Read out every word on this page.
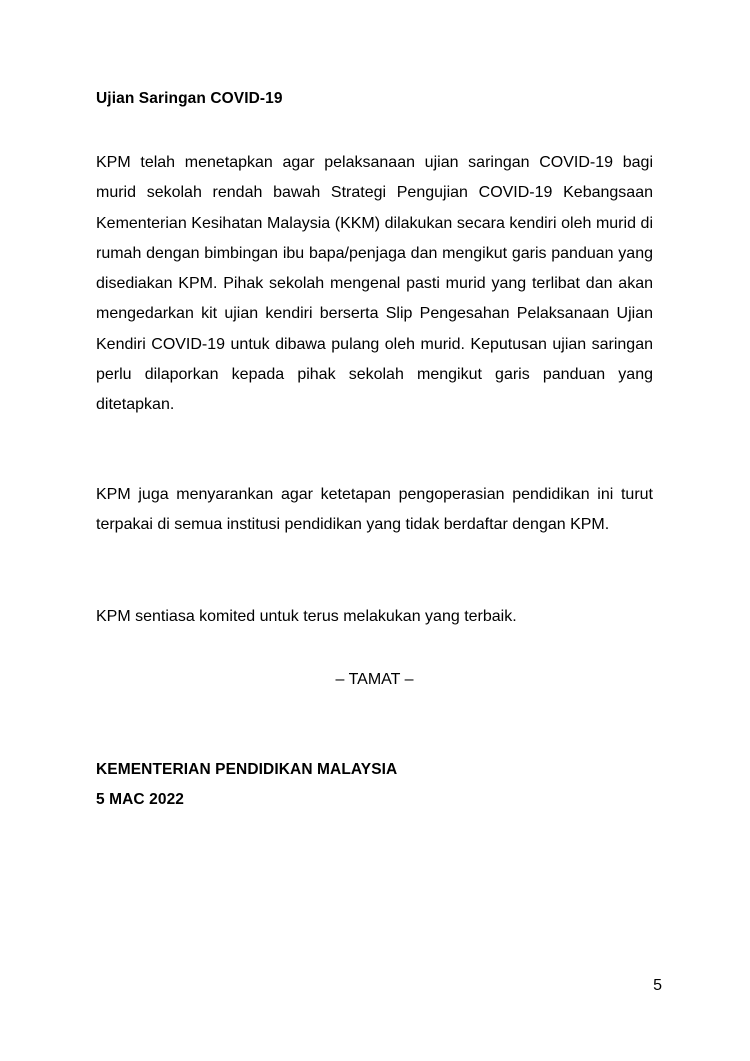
Ujian Saringan COVID-19

KPM telah menetapkan agar pelaksanaan ujian saringan COVID-19 bagi murid sekolah rendah bawah Strategi Pengujian COVID-19 Kebangsaan Kementerian Kesihatan Malaysia (KKM) dilakukan secara kendiri oleh murid di rumah dengan bimbingan ibu bapa/penjaga dan mengikut garis panduan yang disediakan KPM. Pihak sekolah mengenal pasti murid yang terlibat dan akan mengedarkan kit ujian kendiri berserta Slip Pengesahan Pelaksanaan Ujian Kendiri COVID-19 untuk dibawa pulang oleh murid. Keputusan ujian saringan perlu dilaporkan kepada pihak sekolah mengikut garis panduan yang ditetapkan.

KPM juga menyarankan agar ketetapan pengoperasian pendidikan ini turut terpakai di semua institusi pendidikan yang tidak berdaftar dengan KPM.

KPM sentiasa komited untuk terus melakukan yang terbaik.

– TAMAT –

KEMENTERIAN PENDIDIKAN MALAYSIA
5 MAC 2022
5
